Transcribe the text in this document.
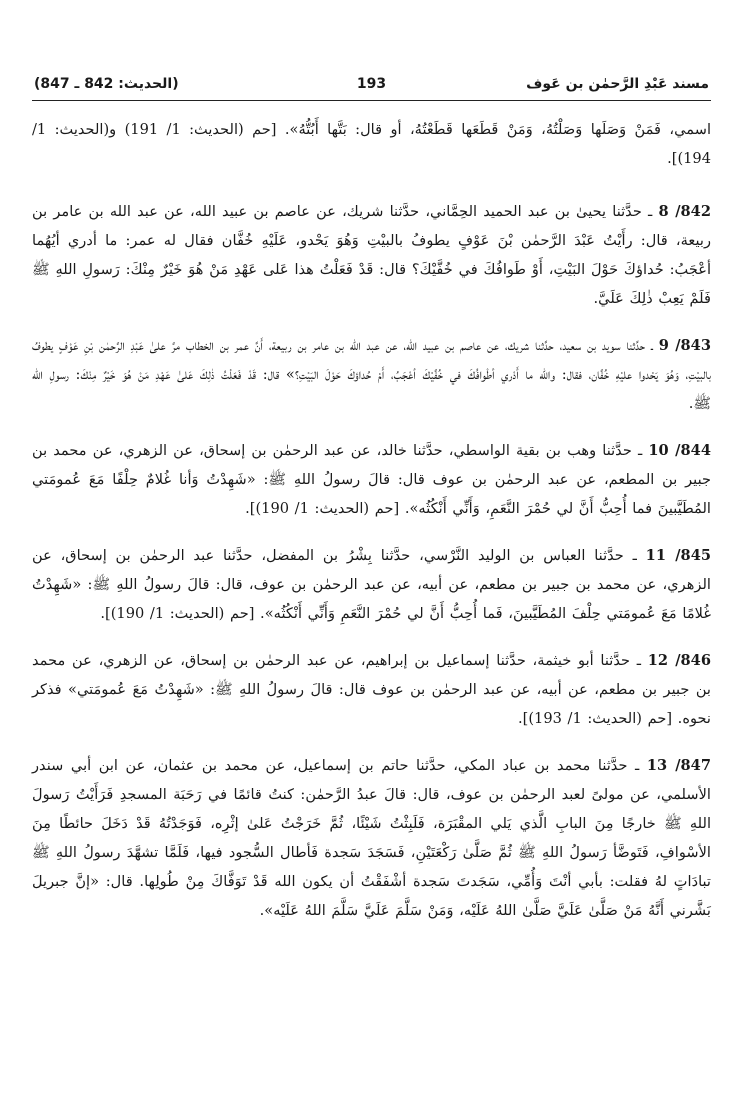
مسند عَبْدِ الرَّحمٰن بن عَوف
193
(الحديث: 842 ـ 847)

اسمي، فَمَنْ وَصَلَها وَصَلْتُهُ، وَمَنْ قَطَعَها قَطَعْتُهُ، أو قال: بَتَّها أَبُتُّهُ». [حم (الحديث: 1/ 191) و(الحديث: 1/ 194)].

842/ 8 ـ حدَّثنا يحيىٰ بن عبد الحميد الحِمَّاني، حدَّثنا شريك، عن عاصم بن عبيد الله، عن عبد الله بن عامر بن ربيعة، قال: رأَيْتُ عَبْدَ الرَّحمٰن بْنَ عَوْفٍ يطوفُ بالبيْتِ وَهُوَ يَحْدو، عَلَيْهِ خُفَّان فقال له عمر: ما أدري أيُهُما أعْجَبُ: حُداؤكَ حَوْلَ البَيْتِ، أَوْ طَوافُكَ في خُفَّيْكَ؟ قال: قَدْ فَعَلْتُ هذا عَلى عَهْدِ مَنْ هُوَ خَيْرٌ مِنْكَ: رَسولِ اللهِ ﷺ فَلَمْ يَعِبْ ذٰلِكَ عَلَيَّ.

843/ 9 ـ حدَّثنا سويد بن سعيد، حدَّثنا شريك، عن عاصم بن عبيد الله، عن عبد الله بن عامر بن ربيعة، أَنَّ عمر بن الخطاب مرَّ علىٰ عَبْدِ الرَّحمٰن بْنِ عَوْفٍ يطوفُ بالبيْتِ، وَهُوَ يَحْدوا عليْهِ خُفَّان، فقال: والله ما أَدْري أطْوافُكَ في خُفَّيْكَ أعْجَبُ، أَمْ حُداؤكَ حَوْلَ البَيْتِ؟» قال: قَدْ فَعَلْتُ ذٰلِكَ عَلىٰ عَهْدِ مَنْ هُوَ خَيْرٌ مِنْكَ: رسولِ الله ﷺ.

844/ 10 ـ حدَّثنا وهب بن بقية الواسطي، حدَّثنا خالد، عن عبد الرحمٰن بن إسحاق، عن الزهري، عن محمد بن جبير بن المطعم، عن عبد الرحمٰن بن عوف قال: قالَ رسولُ اللهِ ﷺ: «شَهِدْتُ وَأنا غُلامٌ حِلْفًا مَعَ عُمومَتي المُطَيَّبينَ فما أُحِبُّ أَنَّ لي حُمْرَ النَّعَمِ، وَأَنِّي أَنْكُثُه». [حم (الحديث: 1/ 190)].

845/ 11 ـ حدَّثنا العباس بن الوليد النَّرْسي، حدَّثنا بِشْرُ بن المفضل، حدَّثنا عبد الرحمٰن بن إسحاق، عن الزهري، عن محمد بن جبير بن مطعم، عن أبيه، عن عبد الرحمٰن بن عوف، قال: قالَ رسولُ اللهِ ﷺ: «شَهِدْتُ غُلامًا مَعَ عُمومَتي حِلْفَ المُطَيَّبينَ، فَما أُحِبُّ أَنَّ لي حُمْرَ النَّعَمِ وَأَنِّي أَنْكُثُه». [حم (الحديث: 1/ 190)].

846/ 12 ـ حدَّثنا أبو خيثمة، حدَّثنا إسماعيل بن إبراهيم، عن عبد الرحمٰن بن إسحاق، عن الزهري، عن محمد بن جبير بن مطعم، عن أبيه، عن عبد الرحمٰن بن عوف قال: قالَ رسولُ اللهِ ﷺ: «شَهِدْتُ مَعَ عُمومَتي» فذكر نحوه. [حم (الحديث: 1/ 193)].

847/ 13 ـ حدَّثنا محمد بن عباد المكي، حدَّثنا حاتم بن إسماعيل، عن محمد بن عثمان، عن ابن أبي سندر الأسلمي، عن مولىً لعبد الرحمٰن بن عوف، قال: قالَ عبدُ الرَّحمٰن: كنتُ قائمًا في رَحَبَة المسجدِ فَرَأَيْتُ رَسولَ اللهِ ﷺ خارجًا مِنَ البابِ الَّذي يَلي المقْبَرَة، فَلَبِثْتُ شَيْئًا، ثُمَّ خَرَجْتُ عَلىٰ إثْرِه، فَوَجَدْتُهُ قَدْ دَخَلَ حائطًا مِنَ الأسْوافِ، فَتَوضَّأ رَسولُ اللهِ ﷺ ثُمَّ صَلَّىٰ رَكْعَتَيْنِ، فَسَجَدَ سَجدة فَأطال السُّجود فيها، فَلَمَّا تشهَّدَ رسولُ اللهِ ﷺ تبادَاتٍ لهُ فقلت: بأبي أنْتَ وَأُمِّي، سَجَدتَ سَجدة أشْفَقْتُ أن يكون الله قَدْ تَوَفَّاكَ مِنْ طُولِها. قال: «إنَّ جبريلَ بَشَّرني أَنَّهُ مَنْ صَلَّىٰ عَلَيَّ صَلَّىٰ اللهُ عَلَيْه، وَمَنْ سَلَّمَ عَلَيَّ سَلَّمَ اللهُ عَلَيْه».
